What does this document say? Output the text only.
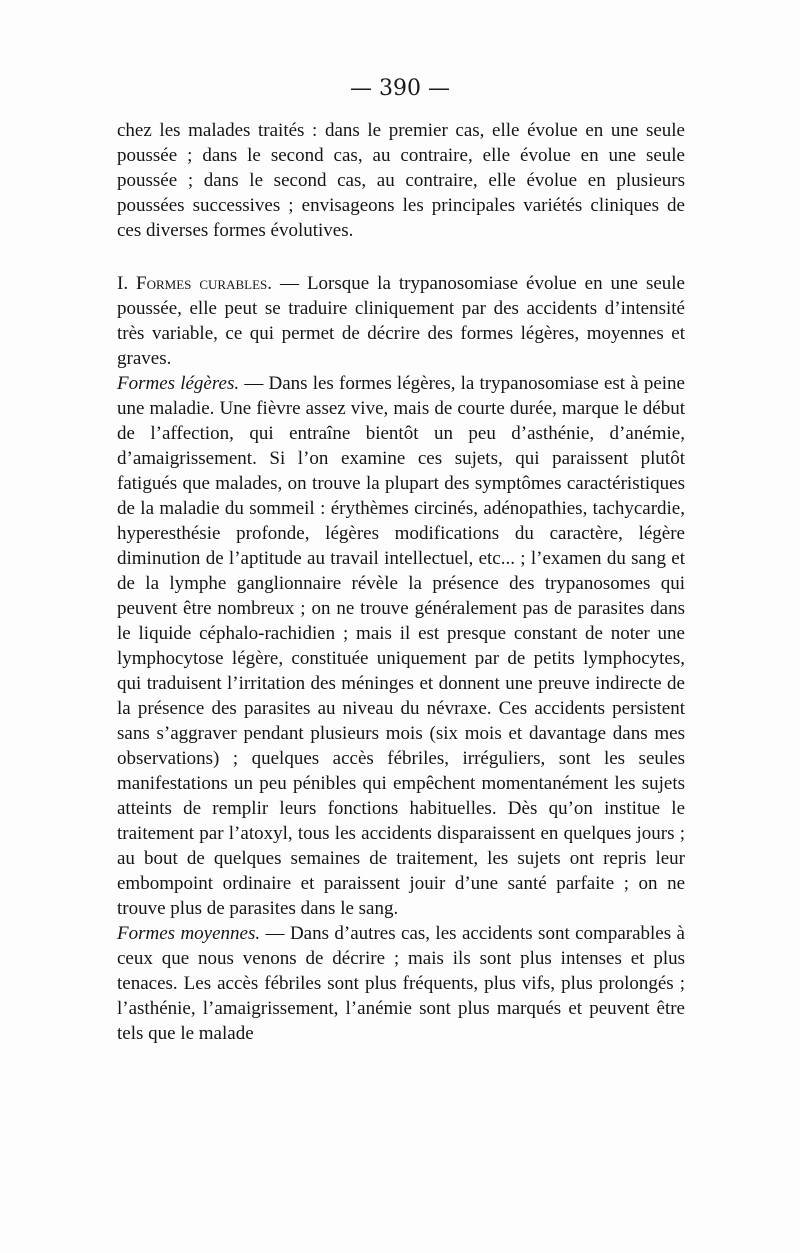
— 390 —

chez les malades traités : dans le premier cas, elle évolue en une seule poussée ; dans le second cas, au contraire, elle évolue en une seule poussée ; dans le second cas, au contraire, elle évolue en plusieurs poussées successives ; envisageons les principales variétés cliniques de ces diverses formes évolutives.

I. Formes curables. — Lorsque la trypanosomiase évolue en une seule poussée, elle peut se traduire cliniquement par des accidents d’intensité très variable, ce qui permet de décrire des formes légères, moyennes et graves.

Formes légères. — Dans les formes légères, la trypanosomiase est à peine une maladie. Une fièvre assez vive, mais de courte durée, marque le début de l’affection, qui entraîne bientôt un peu d’asthénie, d’anémie, d’amaigrissement. Si l’on examine ces sujets, qui paraissent plutôt fatigués que malades, on trouve la plupart des symptômes caractéristiques de la maladie du sommeil : érythèmes circinés, adénopathies, tachycardie, hyperesthésie profonde, légères modifications du caractère, légère diminution de l’aptitude au travail intellectuel, etc... ; l’examen du sang et de la lymphe ganglionnaire révèle la présence des trypanosomes qui peuvent être nombreux ; on ne trouve généralement pas de parasites dans le liquide céphalo-rachidien ; mais il est presque constant de noter une lymphocytose légère, constituée uniquement par de petits lymphocytes, qui traduisent l’irritation des méninges et donnent une preuve indirecte de la présence des parasites au niveau du névraxe. Ces accidents persistent sans s’aggraver pendant plusieurs mois (six mois et davantage dans mes observations) ; quelques accès fébriles, irréguliers, sont les seules manifestations un peu pénibles qui empêchent momentanément les sujets atteints de remplir leurs fonctions habituelles. Dès qu’on institue le traitement par l’atoxyl, tous les accidents disparaissent en quelques jours ; au bout de quelques semaines de traitement, les sujets ont repris leur embompoint ordinaire et paraissent jouir d’une santé parfaite ; on ne trouve plus de parasites dans le sang.

Formes moyennes. — Dans d’autres cas, les accidents sont comparables à ceux que nous venons de décrire ; mais ils sont plus intenses et plus tenaces. Les accès fébriles sont plus fréquents, plus vifs, plus prolongés ; l’asthénie, l’amaigrissement, l’anémie sont plus marqués et peuvent être tels que le malade
